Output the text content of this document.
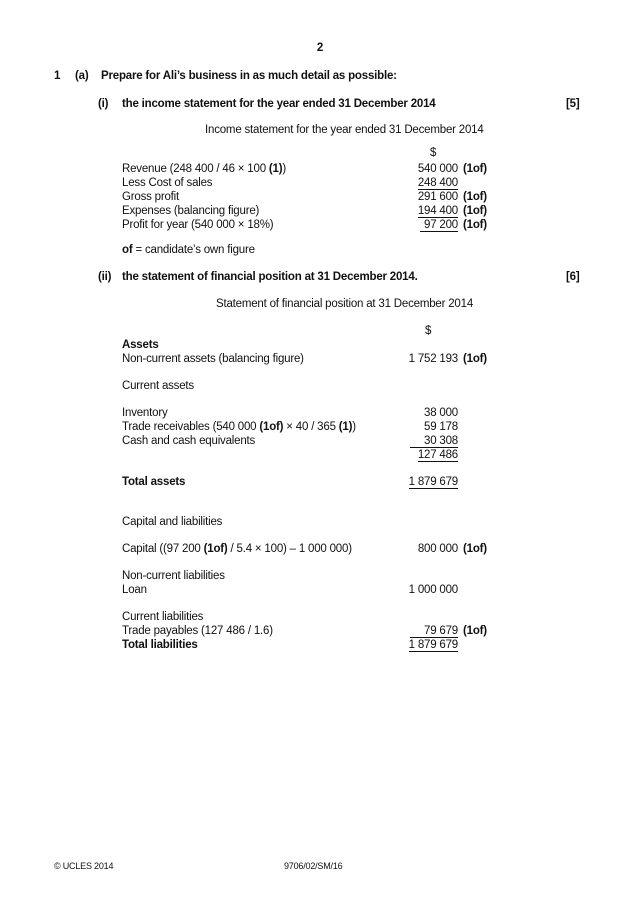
2
1 (a) Prepare for Ali’s business in as much detail as possible:
(i) the income statement for the year ended 31 December 2014	[5]
Income statement for the year ended 31 December 2014
$
Revenue (248 400 / 46 × 100 (1))	540 000 (1of)
Less Cost of sales	248 400
Gross profit	291 600 (1of)
Expenses (balancing figure)	194 400 (1of)
Profit for year (540 000 × 18%)	97 200 (1of)
of = candidate’s own figure
(ii) the statement of financial position at 31 December 2014.	[6]
Statement of financial position at 31 December 2014
$
Assets
Non-current assets (balancing figure)	1 752 193 (1of)
Current assets
Inventory	38 000
Trade receivables (540 000 (1of) × 40 / 365 (1))	59 178
Cash and cash equivalents	30 308
127 486
Total assets	1 879 679
Capital and liabilities
Capital ((97 200 (1of) / 5.4 × 100) – 1 000 000)	800 000 (1of)
Non-current liabilities
Loan	1 000 000
Current liabilities
Trade payables (127 486 / 1.6)	79 679 (1of)
Total liabilities	1 879 679
© UCLES 2014	9706/02/SM/16
